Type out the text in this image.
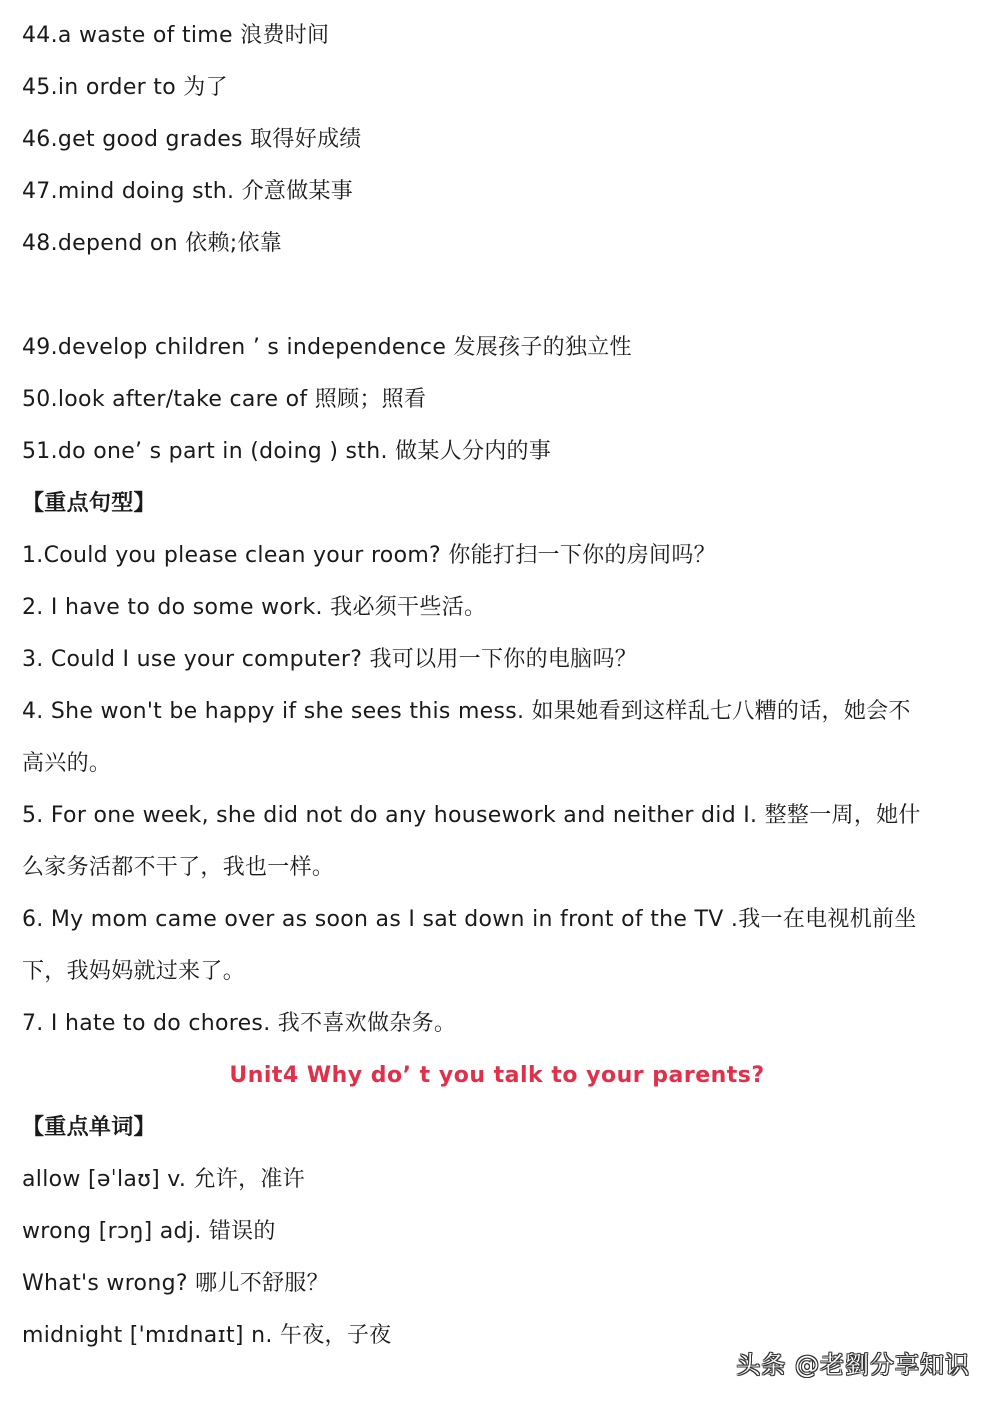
44.a waste of time 浪费时间
45.in order to 为了
46.get good grades 取得好成绩
47.mind doing sth. 介意做某事
48.depend on 依赖;依靠
49.develop children ’ s independence 发展孩子的独立性
50.look after/take care of 照顾；照看
51.do one’ s part in (doing ) sth. 做某人分内的事
【重点句型】
1.Could you please clean your room? 你能打扫一下你的房间吗？
2. I have to do some work. 我必须干些活。
3. Could I use your computer? 我可以用一下你的电脑吗？
4. She won't be happy if she sees this mess. 如果她看到这样乱七八糟的话，她会不
高兴的。
5. For one week, she did not do any housework and neither did I. 整整一周，她什
么家务活都不干了，我也一样。
6. My mom came over as soon as I sat down in front of the TV .我一在电视机前坐
下，我妈妈就过来了。
7. I hate to do chores. 我不喜欢做杂务。
Unit4 Why do’ t you talk to your parents?
【重点单词】
allow [əˈlaʊ] v. 允许，准许
wrong [rɔŋ] adj. 错误的
What's wrong? 哪儿不舒服？
midnight ['mɪdnaɪt] n. 午夜，子夜
头条 @老劉分享知识
